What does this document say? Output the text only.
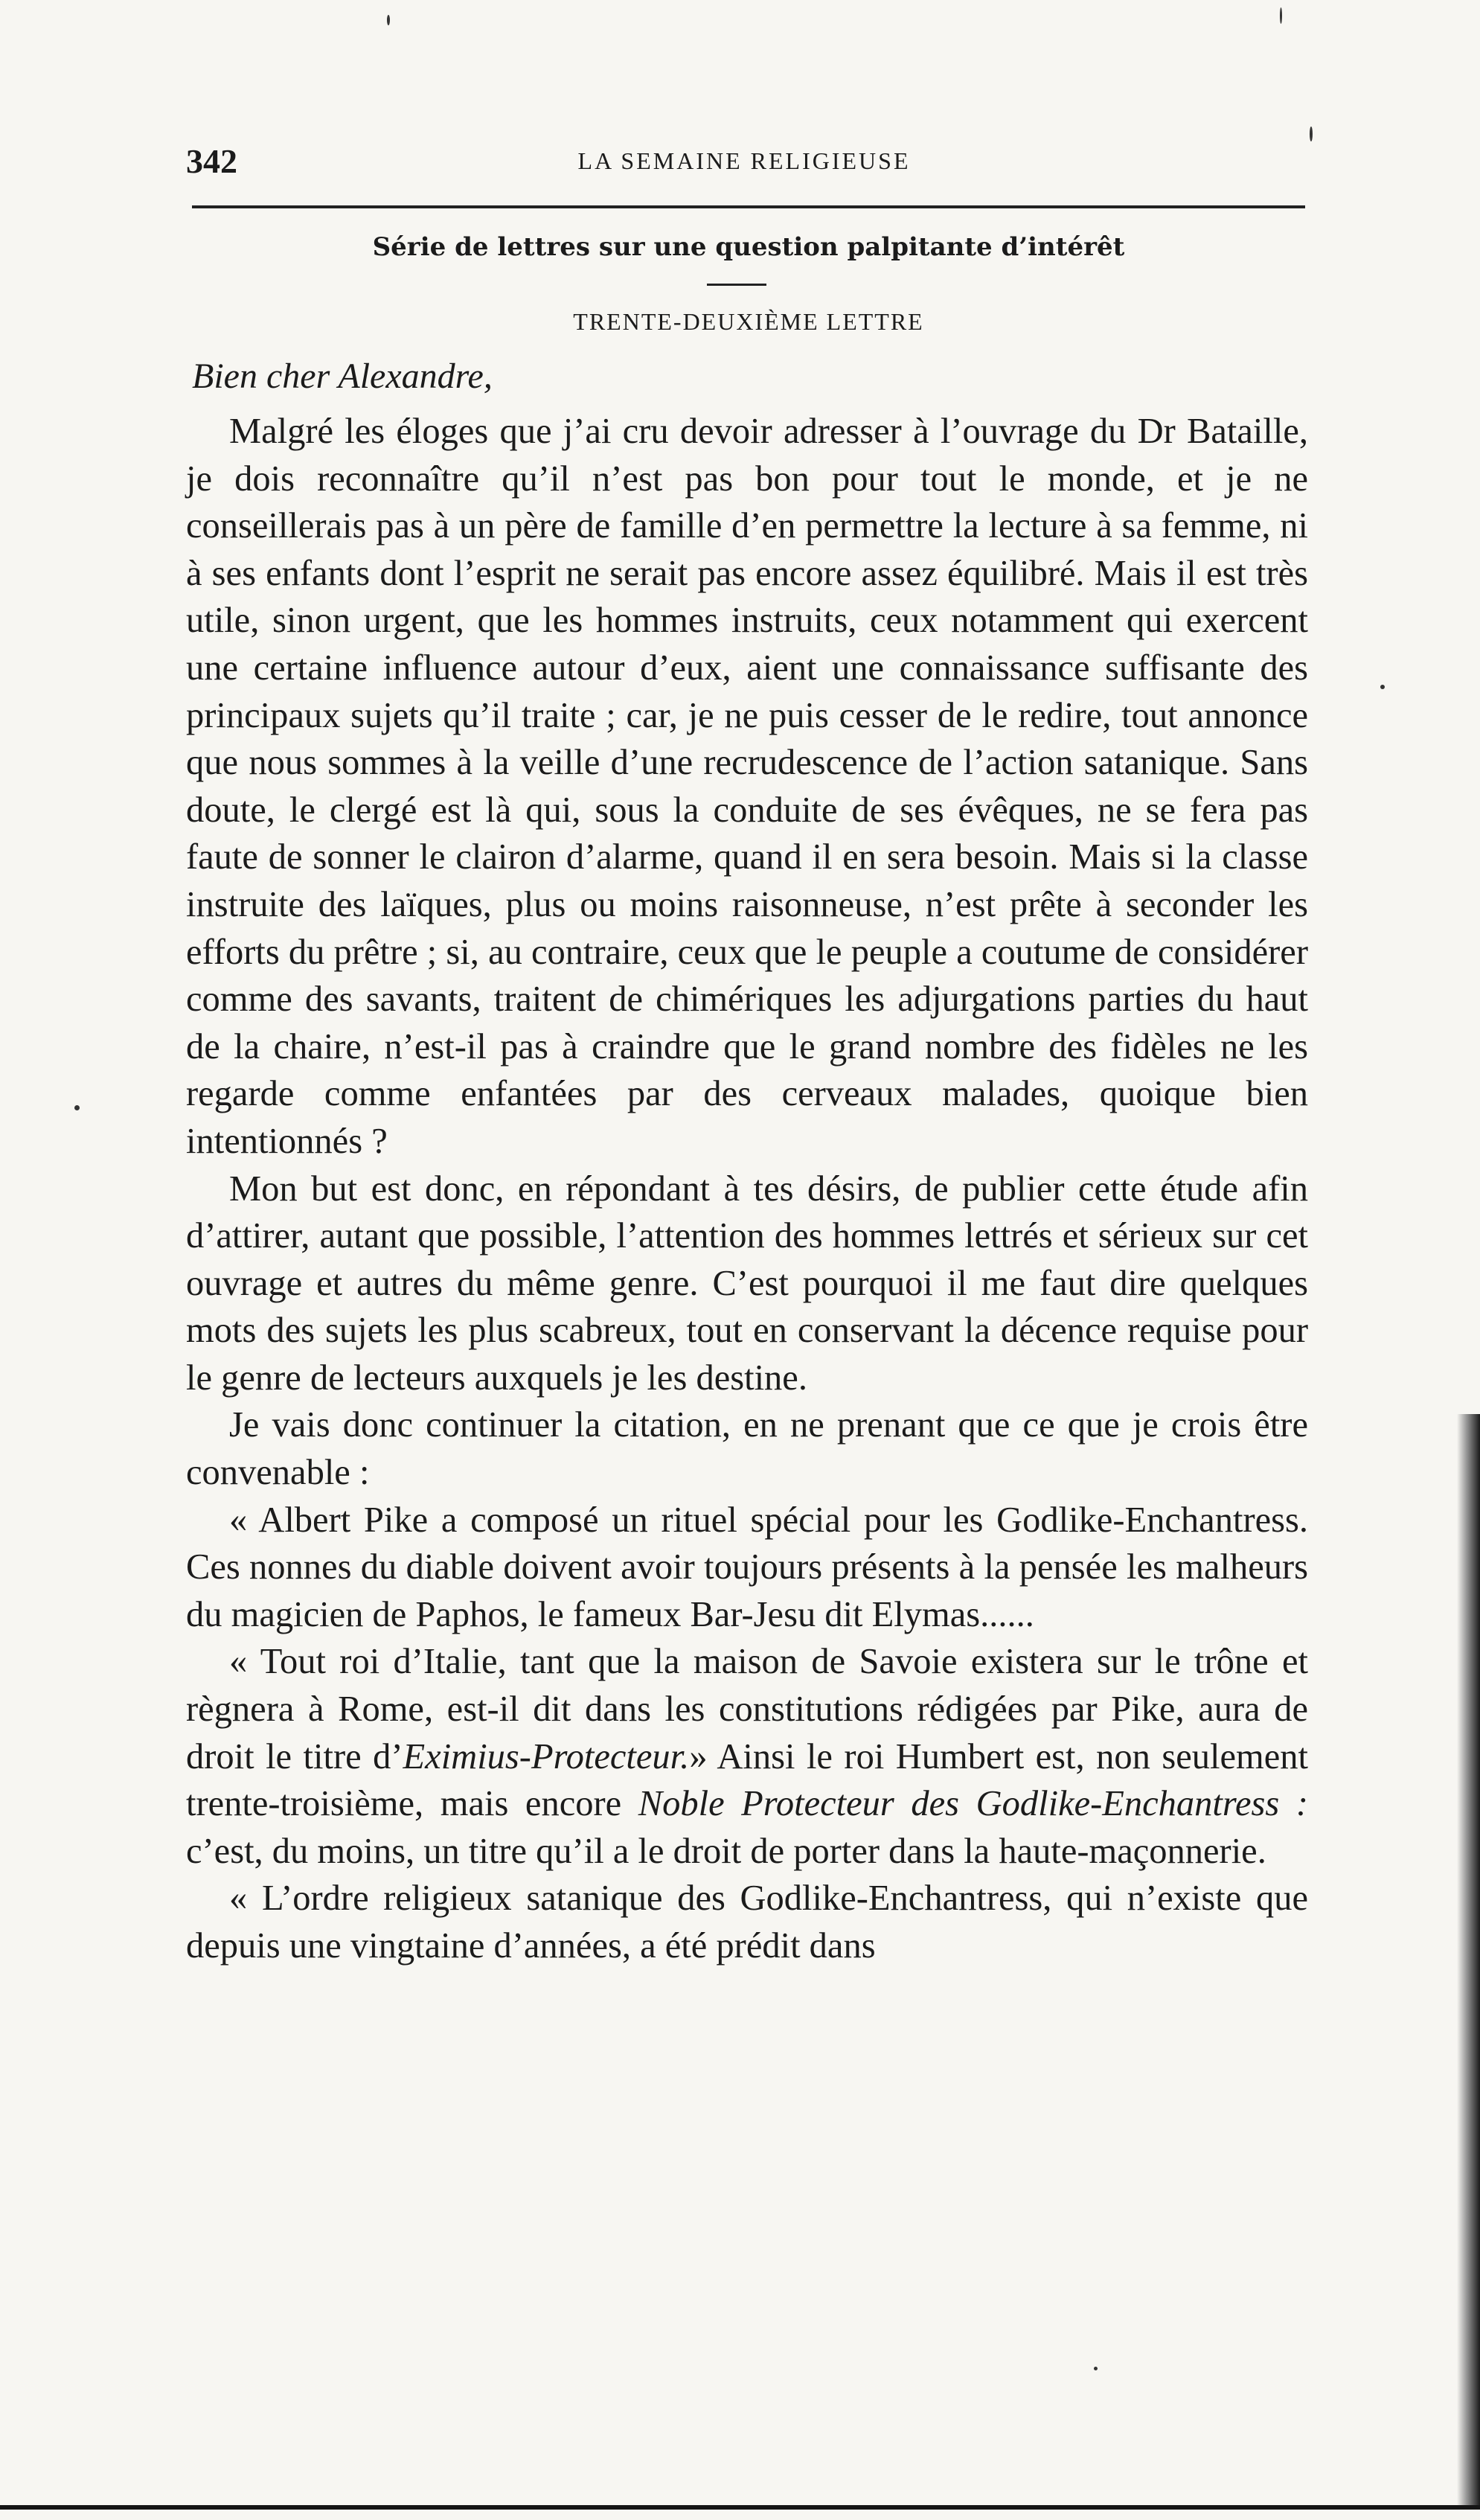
342	LA SEMAINE RELIGIEUSE
Série de lettres sur une question palpitante d’intérêt
TRENTE-DEUXIÈME LETTRE
Bien cher Alexandre,

Malgré les éloges que j’ai cru devoir adresser à l’ouvrage du Dr Bataille, je dois reconnaître qu’il n’est pas bon pour tout le monde, et je ne conseillerais pas à un père de famille d’en permettre la lecture à sa femme, ni à ses enfants dont l’esprit ne serait pas encore assez équilibré. Mais il est très utile, sinon urgent, que les hommes instruits, ceux notamment qui exercent une certaine influence autour d’eux, aient une connaissance suffisante des principaux sujets qu’il traite ; car, je ne puis cesser de le redire, tout annonce que nous sommes à la veille d’une recrudescence de l’action satanique. Sans doute, le clergé est là qui, sous la conduite de ses évêques, ne se fera pas faute de sonner le clairon d’alarme, quand il en sera besoin. Mais si la classe instruite des laïques, plus ou moins raisonneuse, n’est prête à seconder les efforts du prêtre ; si, au contraire, ceux que le peuple a coutume de considérer comme des savants, traitent de chimériques les adjurgations parties du haut de la chaire, n’est-il pas à craindre que le grand nombre des fidèles ne les regarde comme enfantées par des cerveaux malades, quoique bien intentionnés ?

Mon but est donc, en répondant à tes désirs, de publier cette étude afin d’attirer, autant que possible, l’attention des hommes lettrés et sérieux sur cet ouvrage et autres du même genre. C’est pourquoi il me faut dire quelques mots des sujets les plus scabreux, tout en conservant la décence requise pour le genre de lecteurs auxquels je les destine.

Je vais donc continuer la citation, en ne prenant que ce que je crois être convenable :

« Albert Pike a composé un rituel spécial pour les Godlike-Enchantress. Ces nonnes du diable doivent avoir toujours présents à la pensée les malheurs du magicien de Paphos, le fameux Bar-Jesu dit Elymas......

« Tout roi d’Italie, tant que la maison de Savoie existera sur le trône et règnera à Rome, est-il dit dans les constitutions rédigées par Pike, aura de droit le titre d’Eximius-Protecteur.» Ainsi le roi Humbert est, non seulement trente-troisième, mais encore Noble Protecteur des Godlike-Enchantress : c’est, du moins, un titre qu’il a le droit de porter dans la haute-maçonnerie.

« L’ordre religieux satanique des Godlike-Enchantress, qui n’existe que depuis une vingtaine d’années, a été prédit dans
